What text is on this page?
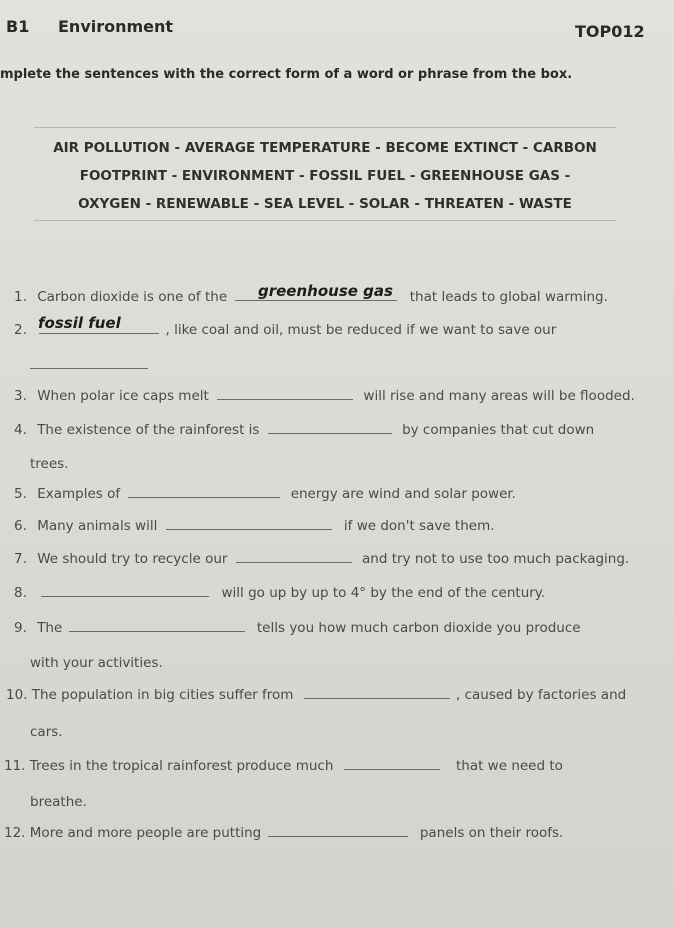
B1 Environment	TOP012
mplete the sentences with the correct form of a word or phrase from the box.
AIR POLLUTION - AVERAGE TEMPERATURE - BECOME EXTINCT - CARBON
FOOTPRINT - ENVIRONMENT - FOSSIL FUEL - GREENHOUSE GAS -
OXYGEN - RENEWABLE - SEA LEVEL - SOLAR - THREATEN - WASTE
1. Carbon dioxide is one of the	that leads to global warming.
greenhouse gas
2.	, like coal and oil, must be reduced if we want to save our
fossil fuel
3. When polar ice caps melt	will rise and many areas will be flooded.
4. The existence of the rainforest is	by companies that cut down
trees.
5. Examples of	energy are wind and solar power.
6. Many animals will	if we don't save them.
7. We should try to recycle our	and try not to use too much packaging.
8.	will go up by up to 4° by the end of the century.
9. The	tells you how much carbon dioxide you produce
with your activities.
10. The population in big cities suffer from	, caused by factories and
cars.
11. Trees in the tropical rainforest produce much	that we need to
breathe.
12. More and more people are putting	panels on their roofs.
